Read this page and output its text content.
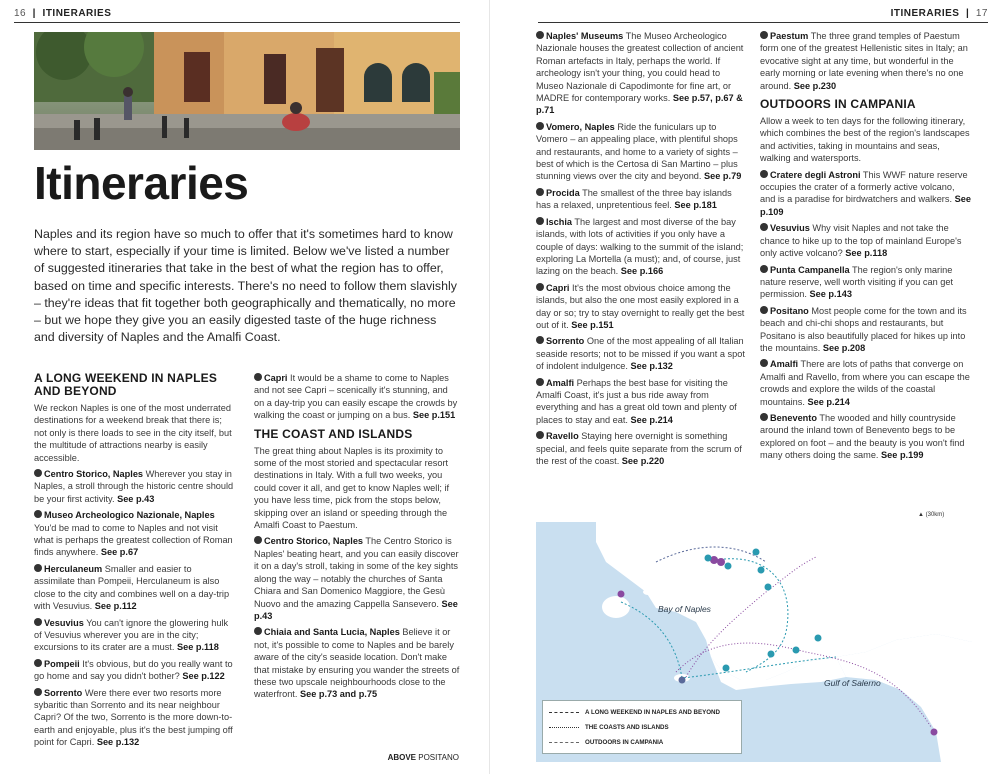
16  |  ITINERARIES
Itineraries

Naples and its region have so much to offer that it's sometimes hard to know where to start, especially if your time is limited. Below we've listed a number of suggested itineraries that take in the best of what the region has to offer, based on time and specific interests. There's no need to follow them slavishly – they're ideas that fit together both geographically and thematically, no more – but we hope they give you an easily digested taste of the huge richness and diversity of Naples and the Amalfi Coast.

A LONG WEEKEND IN NAPLES AND BEYOND

We reckon Naples is one of the most underrated destinations for a weekend break that there is; not only is there loads to see in the city itself, but the multitude of attractions nearby is easily accessible.

Centro Storico, Naples Wherever you stay in Naples, a stroll through the historic centre should be your first activity. See p.43

Museo Archeologico Nazionale, Naples You'd be mad to come to Naples and not visit what is perhaps the greatest collection of Roman finds anywhere. See p.67

Herculaneum Smaller and easier to assimilate than Pompeii, Herculaneum is also close to the city and combines well on a day-trip with Vesuvius. See p.112

Vesuvius You can't ignore the glowering hulk of Vesuvius wherever you are in the city; excursions to its crater are a must. See p.118

Pompeii It's obvious, but do you really want to go home and say you didn't bother? See p.122

Sorrento Were there ever two resorts more sybaritic than Sorrento and its near neighbour Capri? Of the two, Sorrento is the more down-to-earth and enjoyable, plus it's the best jumping off point for Capri. See p.132

Capri It would be a shame to come to Naples and not see Capri – scenically it's stunning, and on a day-trip you can easily escape the crowds by walking the coast or jumping on a bus. See p.151

THE COAST AND ISLANDS

The great thing about Naples is its proximity to some of the most storied and spectacular resort destinations in Italy. With a full two weeks, you could cover it all, and get to know Naples well; if you have less time, pick from the stops below, skipping over an island or speeding through the Amalfi Coast to Paestum.

Centro Storico, Naples The Centro Storico is Naples' beating heart, and you can easily discover it on a day's stroll, taking in some of the key sights along the way – notably the churches of Santa Chiara and San Domenico Maggiore, the Gesù Nuovo and the amazing Cappella Sansevero. See p.43

Chiaia and Santa Lucia, Naples Believe it or not, it's possible to come to Naples and be barely aware of the city's seaside location. Don't make that mistake by ensuring you wander the streets of these two upscale neighbourhoods close to the waterfront. See p.73 and p.75

ABOVE POSITANO
ITINERARIES  |  17

Naples' Museums The Museo Archeologico Nazionale houses the greatest collection of ancient Roman artefacts in Italy, perhaps the world. If archeology isn't your thing, you could head to Museo Nazionale di Capodimonte for fine art, or MADRE for contemporary works. See p.57, p.67 & p.71

Vomero, Naples Ride the funiculars up to Vomero – an appealing place, with plentiful shops and restaurants, and home to a variety of sights – best of which is the Certosa di San Martino – plus stunning views over the city and beyond. See p.79

Procida The smallest of the three bay islands has a relaxed, unpretentious feel. See p.181

Ischia The largest and most diverse of the bay islands, with lots of activities if you only have a couple of days: walking to the summit of the island; exploring La Mortella (a must); and, of course, just lazing on the beach. See p.166

Capri It's the most obvious choice among the islands, but also the one most easily explored in a day or so; try to stay overnight to really get the best out of it. See p.151

Sorrento One of the most appealing of all Italian seaside resorts; not to be missed if you want a spot of indolent indulgence. See p.132

Amalfi Perhaps the best base for visiting the Amalfi Coast, it's just a bus ride away from everything and has a great old town and plenty of places to stay and eat. See p.214

Ravello Staying here overnight is something special, and feels quite separate from the scrum of the rest of the coast. See p.220

Paestum The three grand temples of Paestum form one of the greatest Hellenistic sites in Italy; an evocative sight at any time, but wonderful in the early morning or late evening when there's no one around. See p.230

OUTDOORS IN CAMPANIA

Allow a week to ten days for the following itinerary, which combines the best of the region's landscapes and activities, taking in mountains and seas, walking and watersports.

Cratere degli Astroni This WWF nature reserve occupies the crater of a formerly active volcano, and is a paradise for birdwatchers and walkers. See p.109

Vesuvius Why visit Naples and not take the chance to hike up to the top of mainland Europe's only active volcano? See p.118

Punta Campanella The region's only marine nature reserve, well worth visiting if you can get permission. See p.143

Positano Most people come for the town and its beach and chi-chi shops and restaurants, but Positano is also beautifully placed for hikes up into the mountains. See p.208

Amalfi There are lots of paths that converge on Amalfi and Ravello, from where you can escape the crowds and explore the wilds of the coastal mountains. See p.214

Benevento The wooded and hilly countryside around the inland town of Benevento begs to be explored on foot – and the beauty is you won't find many others doing the same. See p.199

▲ (30km)
Bay of Naples
Gulf of Salerno
A LONG WEEKEND IN NAPLES AND BEYOND
THE COASTS AND ISLANDS
OUTDOORS IN CAMPANIA
